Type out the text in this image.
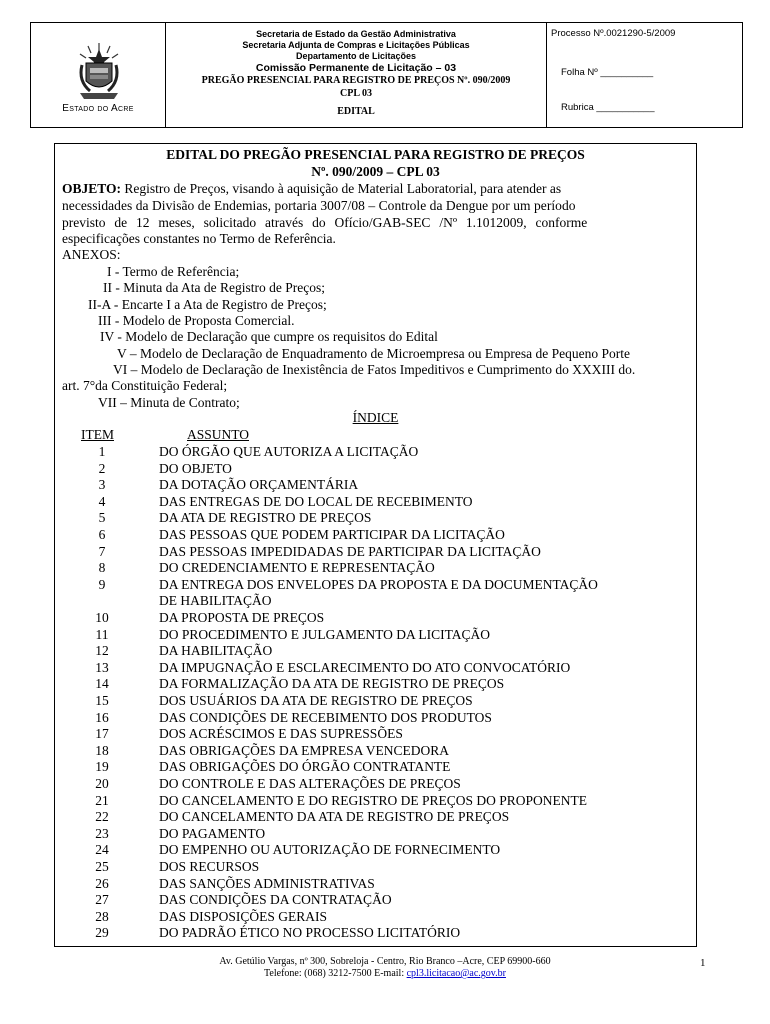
Estado do Acre
Secretaria de Estado da Gestão Administrativa
Secretaria Adjunta de Compras e Licitações Públicas
Departamento de Licitações
Comissão Permanente de Licitação – 03
PREGÃO PRESENCIAL PARA REGISTRO DE PREÇOS Nº. 090/2009
CPL 03
EDITAL
Processo Nº.0021290-5/2009
Folha Nº __________
Rubrica ___________
EDITAL DO PREGÃO PRESENCIAL PARA REGISTRO DE PREÇOS
Nº. 090/2009 – CPL 03
OBJETO: Registro de Preços, visando à aquisição de Material Laboratorial, para atender as
necessidades da Divisão de Endemias, portaria 3007/08 – Controle da Dengue por um período
previsto de 12 meses, solicitado através do Ofício/GAB-SEC /Nº 1.1012009, conforme
especificações constantes no Termo de Referência.
ANEXOS:
I - Termo de Referência;
II - Minuta da Ata de Registro de Preços;
II-A - Encarte I a Ata de Registro de Preços;
III - Modelo de Proposta Comercial.
IV - Modelo de Declaração que cumpre os requisitos do Edital
V – Modelo de Declaração de Enquadramento de Microempresa ou Empresa de Pequeno Porte
VI – Modelo de Declaração de Inexistência de Fatos Impeditivos e Cumprimento do XXXIII do.
art. 7°da Constituição Federal;
VII – Minuta de Contrato;
ÍNDICE
ITEM	ASSUNTO
1	DO ÓRGÃO QUE AUTORIZA A LICITAÇÃO
2	DO OBJETO
3	DA DOTAÇÃO ORÇAMENTÁRIA
4	DAS ENTREGAS DE DO LOCAL DE RECEBIMENTO
5	DA ATA DE REGISTRO DE PREÇOS
6	DAS PESSOAS QUE PODEM PARTICIPAR DA LICITAÇÃO
7	DAS PESSOAS IMPEDIDADAS DE PARTICIPAR DA LICITAÇÃO
8	DO CREDENCIAMENTO E REPRESENTAÇÃO
9	DA ENTREGA DOS ENVELOPES DA PROPOSTA E DA DOCUMENTAÇÃO
DE HABILITAÇÃO
10	DA PROPOSTA DE PREÇOS
11	DO PROCEDIMENTO E JULGAMENTO DA LICITAÇÃO
12	DA HABILITAÇÃO
13	DA IMPUGNAÇÃO E ESCLARECIMENTO DO ATO CONVOCATÓRIO
14	DA FORMALIZAÇÃO DA ATA DE REGISTRO DE PREÇOS
15	DOS USUÁRIOS DA ATA DE REGISTRO DE PREÇOS
16	DAS CONDIÇÕES DE RECEBIMENTO DOS PRODUTOS
17	DOS ACRÉSCIMOS E DAS SUPRESSÕES
18	DAS OBRIGAÇÕES DA EMPRESA VENCEDORA
19	DAS OBRIGAÇÕES DO ÓRGÃO CONTRATANTE
20	DO CONTROLE E DAS ALTERAÇÕES DE PREÇOS
21	DO CANCELAMENTO E DO REGISTRO DE PREÇOS DO PROPONENTE
22	DO CANCELAMENTO DA ATA DE REGISTRO DE PREÇOS
23	DO PAGAMENTO
24	DO EMPENHO OU AUTORIZAÇÃO DE FORNECIMENTO
25	DOS RECURSOS
26	DAS SANÇÕES ADMINISTRATIVAS
27	DAS CONDIÇÕES DA CONTRATAÇÃO
28	DAS DISPOSIÇÕES GERAIS
29	DO PADRÃO ÉTICO NO PROCESSO LICITATÓRIO
Av. Getúlio Vargas, nº 300, Sobreloja - Centro, Rio Branco –Acre, CEP 69900-660
Telefone: (068) 3212-7500 E-mail: cpl3.licitacao@ac.gov.br
1
